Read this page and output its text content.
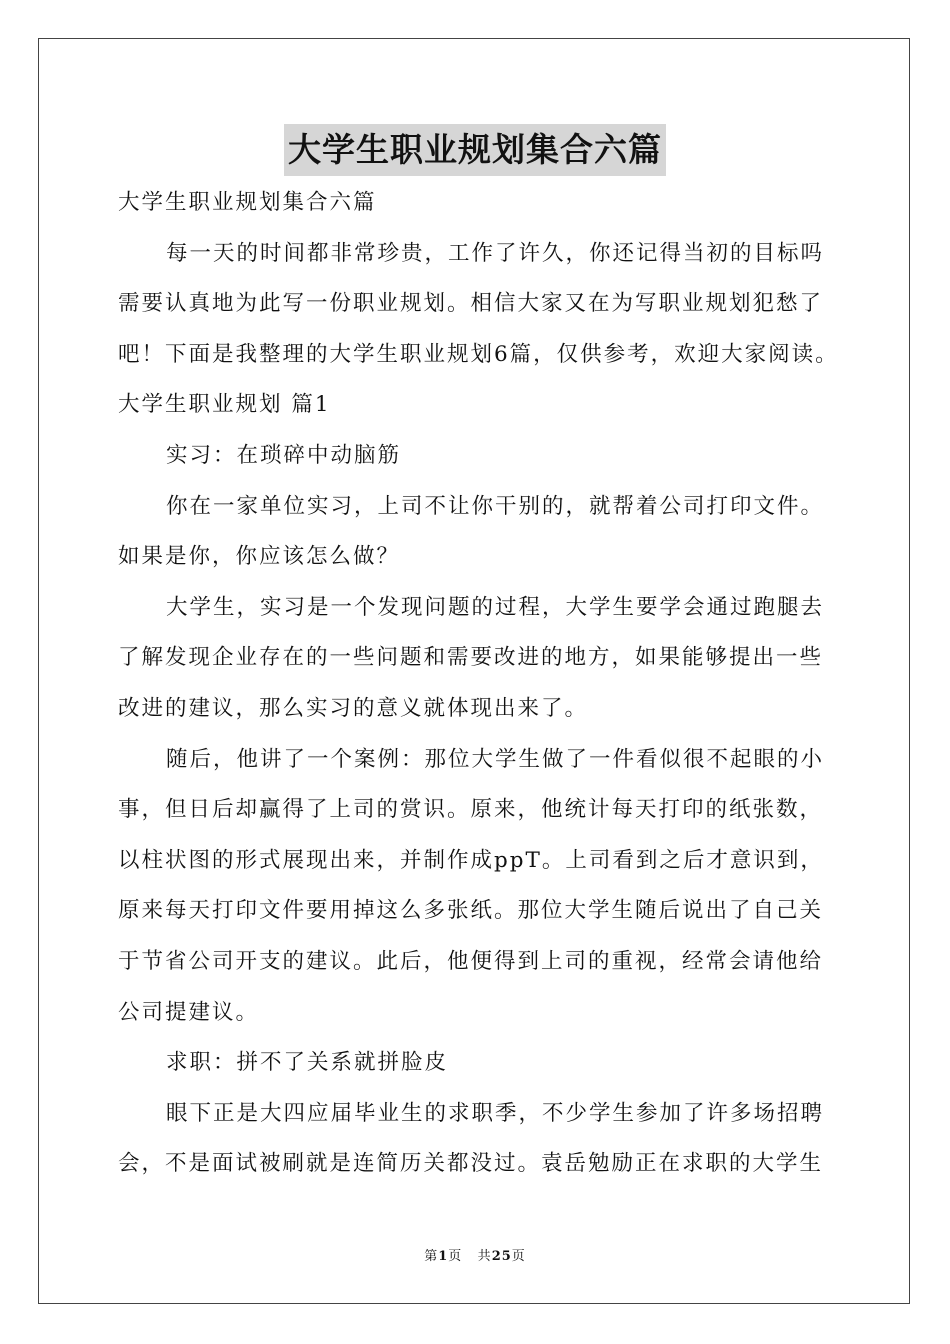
大学生职业规划集合六篇

大学生职业规划集合六篇

每一天的时间都非常珍贵，工作了许久，你还记得当初的目标吗需要认真地为此写一份职业规划。相信大家又在为写职业规划犯愁了吧！下面是我整理的大学生职业规划6篇，仅供参考，欢迎大家阅读。

大学生职业规划 篇1

实习：在琐碎中动脑筋

你在一家单位实习，上司不让你干别的，就帮着公司打印文件。如果是你，你应该怎么做？

大学生，实习是一个发现问题的过程，大学生要学会通过跑腿去了解发现企业存在的一些问题和需要改进的地方，如果能够提出一些改进的建议，那么实习的意义就体现出来了。

随后，他讲了一个案例：那位大学生做了一件看似很不起眼的小事，但日后却赢得了上司的赏识。原来，他统计每天打印的纸张数，以柱状图的形式展现出来，并制作成ppT。上司看到之后才意识到，原来每天打印文件要用掉这么多张纸。那位大学生随后说出了自己关于节省公司开支的建议。此后，他便得到上司的重视，经常会请他给公司提建议。

求职：拼不了关系就拼脸皮

眼下正是大四应届毕业生的求职季，不少学生参加了许多场招聘会，不是面试被刷就是连简历关都没过。袁岳勉励正在求职的大学生

第1页 共25页
